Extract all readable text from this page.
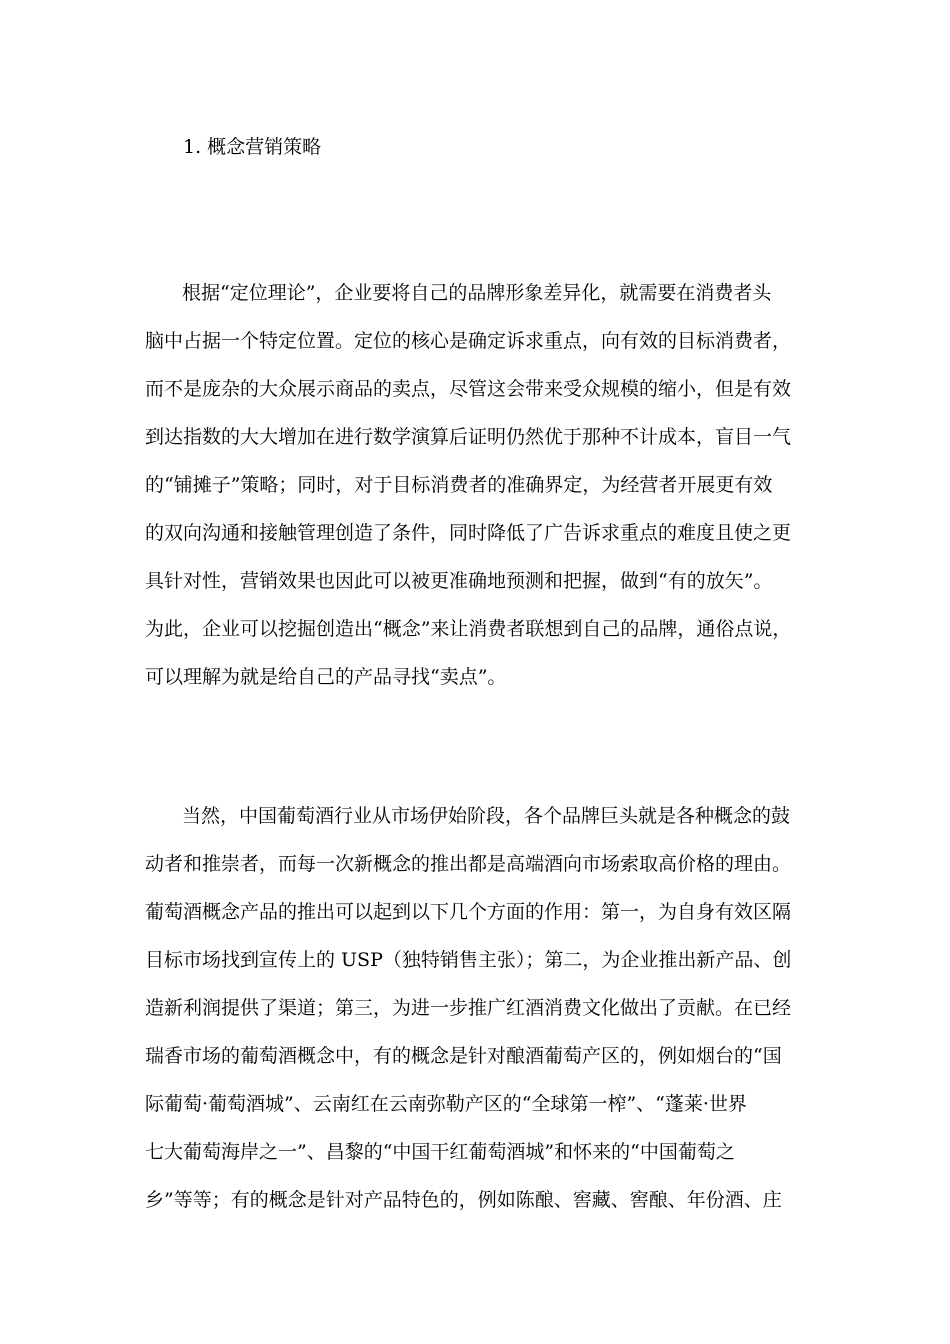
1. 概念营销策略
根据“定位理论”，企业要将自己的品牌形象差异化，就需要在消费者头
脑中占据一个特定位置。定位的核心是确定诉求重点，向有效的目标消费者，
而不是庞杂的大众展示商品的卖点，尽管这会带来受众规模的缩小，但是有效
到达指数的大大增加在进行数学演算后证明仍然优于那种不计成本，盲目一气
的“铺摊子”策略；同时，对于目标消费者的准确界定，为经营者开展更有效
的双向沟通和接触管理创造了条件，同时降低了广告诉求重点的难度且使之更
具针对性，营销效果也因此可以被更准确地预测和把握，做到“有的放矢”。
为此，企业可以挖掘创造出“概念”来让消费者联想到自己的品牌，通俗点说，
可以理解为就是给自己的产品寻找“卖点”。
当然，中国葡萄酒行业从市场伊始阶段，各个品牌巨头就是各种概念的鼓
动者和推崇者，而每一次新概念的推出都是高端酒向市场索取高价格的理由。
葡萄酒概念产品的推出可以起到以下几个方面的作用：第一，为自身有效区隔
目标市场找到宣传上的 USP（独特销售主张）；第二，为企业推出新产品、创
造新利润提供了渠道；第三，为进一步推广红酒消费文化做出了贡献。在已经
瑞香市场的葡萄酒概念中，有的概念是针对酿酒葡萄产区的，例如烟台的“国
际葡萄·葡萄酒城”、云南红在云南弥勒产区的“全球第一榨”、“蓬莱·世界
七大葡萄海岸之一”、昌黎的“中国干红葡萄酒城”和怀来的“中国葡萄之
乡”等等；有的概念是针对产品特色的，例如陈酿、窖藏、窖酿、年份酒、庄
